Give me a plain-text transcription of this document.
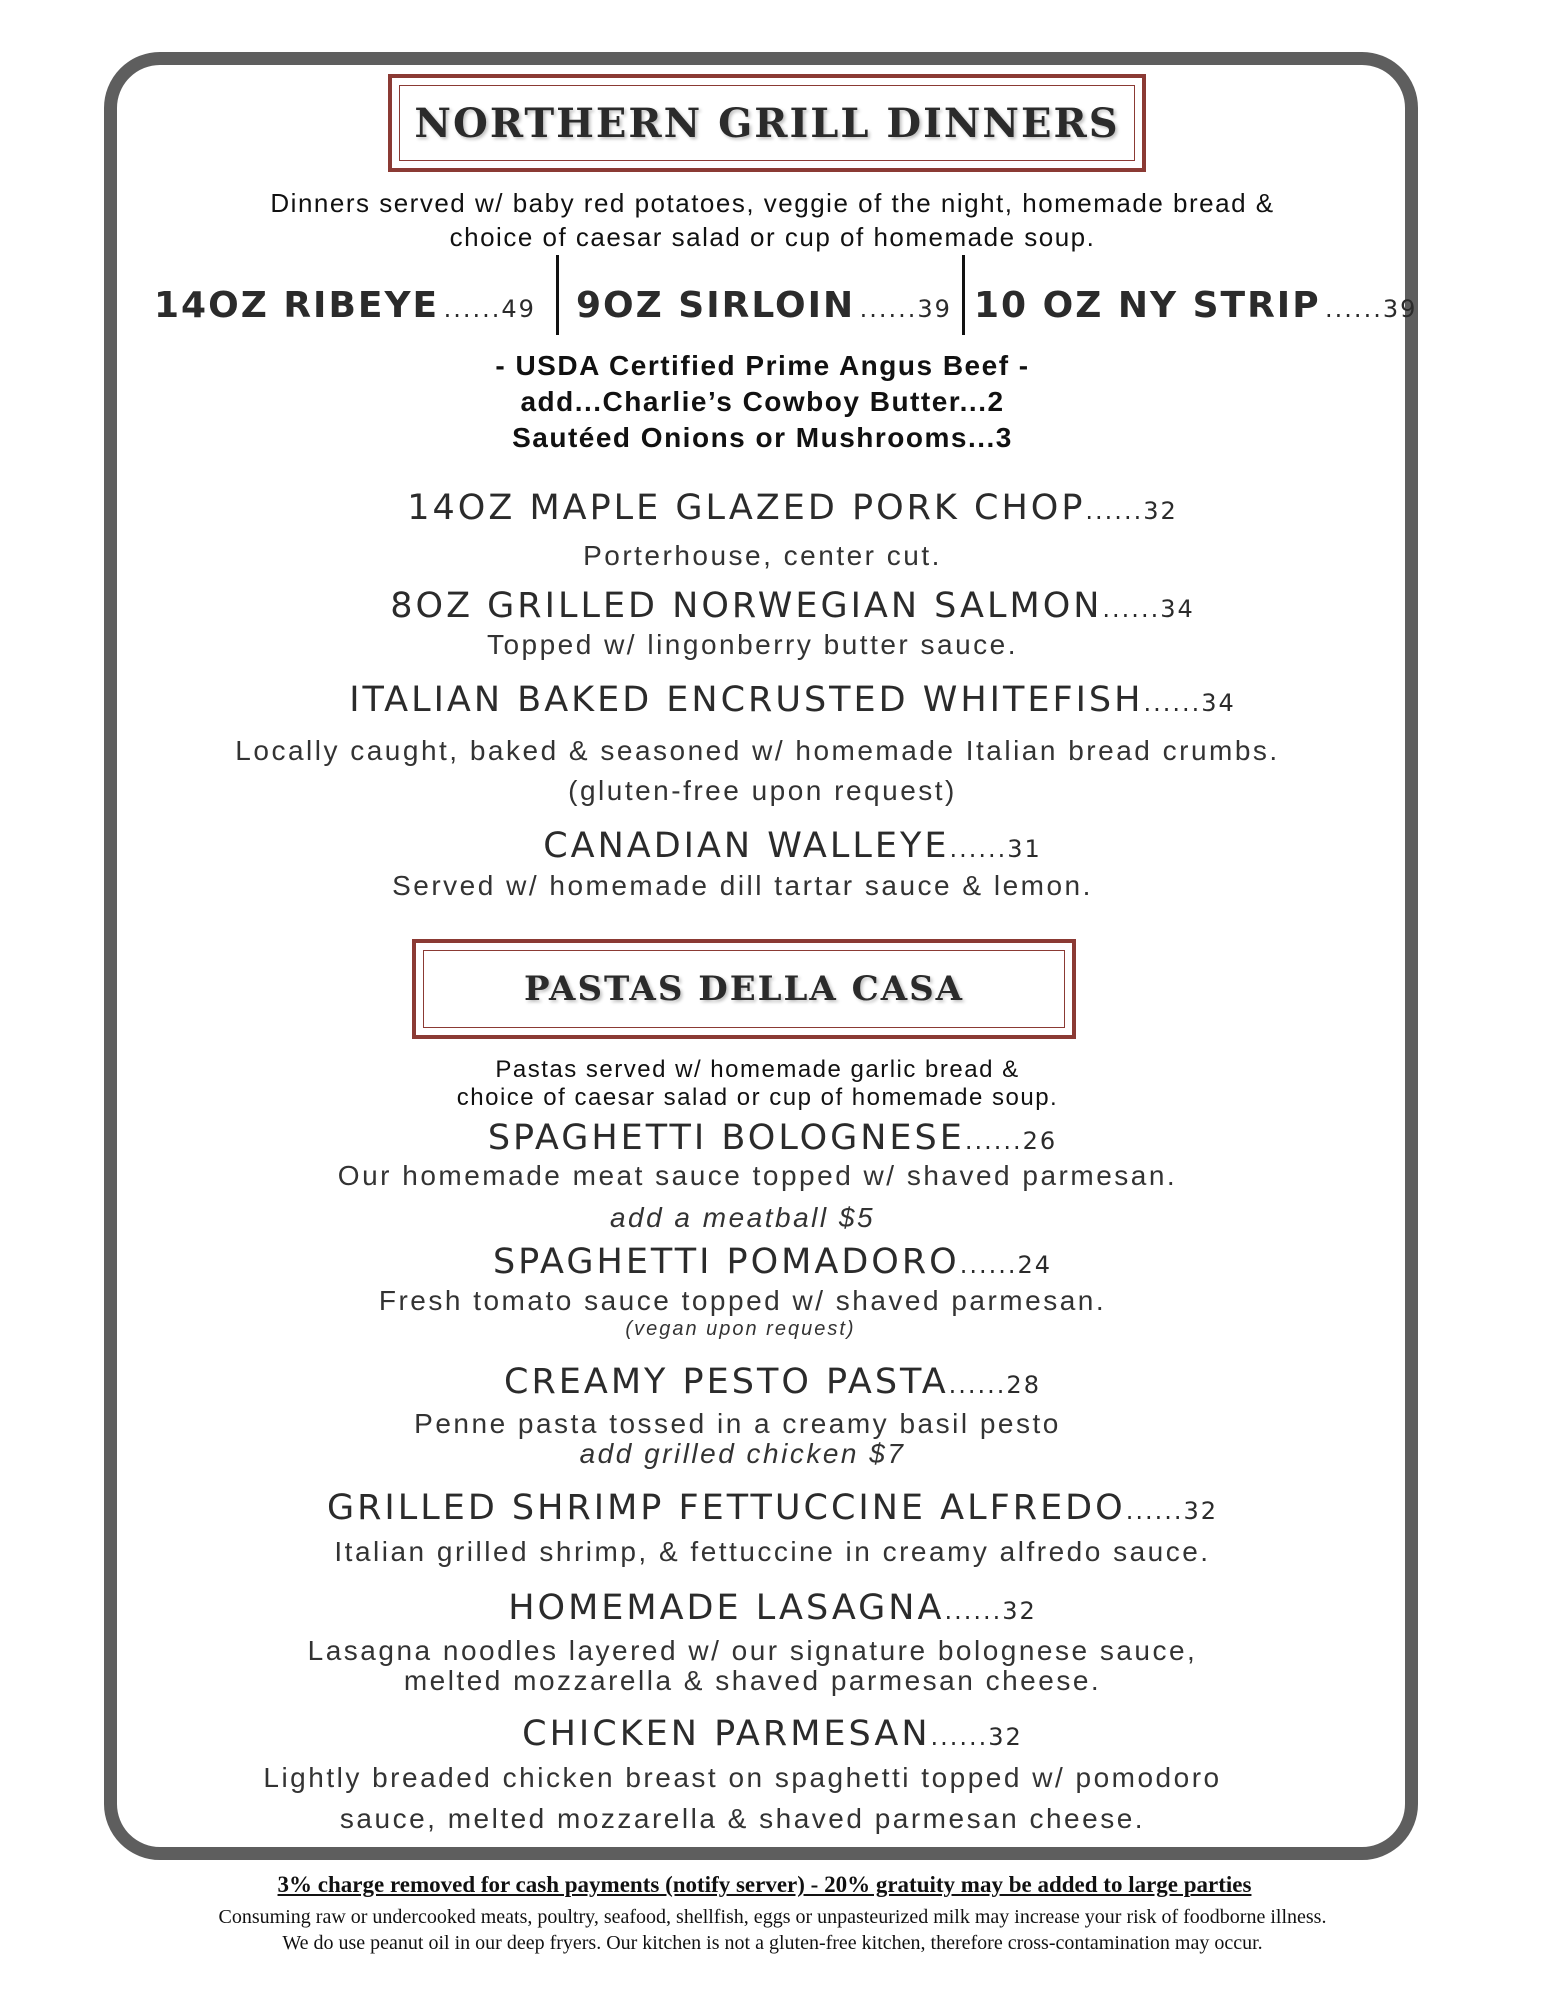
NORTHERN GRILL DINNERS
Dinners served w/ baby red potatoes, veggie of the night, homemade bread &
choice of caesar salad or cup of homemade soup.
14OZ RIBEYE ......49 9OZ SIRLOIN ......39 10 OZ NY STRIP ......39
- USDA Certified Prime Angus Beef -
add...Charlie’s Cowboy Butter...2
Sautéed Onions or Mushrooms...3
14OZ MAPLE GLAZED PORK CHOP......32
Porterhouse, center cut.
8OZ GRILLED NORWEGIAN SALMON......34
Topped w/ lingonberry butter sauce.
ITALIAN BAKED ENCRUSTED WHITEFISH......34
Locally caught, baked & seasoned w/ homemade Italian bread crumbs.
(gluten-free upon request)
CANADIAN WALLEYE......31
Served w/ homemade dill tartar sauce & lemon.
PASTAS DELLA CASA
Pastas served w/ homemade garlic bread &
choice of caesar salad or cup of homemade soup.
SPAGHETTI BOLOGNESE......26
Our homemade meat sauce topped w/ shaved parmesan.
add a meatball $5
SPAGHETTI POMADORO......24
Fresh tomato sauce topped w/ shaved parmesan.
(vegan upon request)
CREAMY PESTO PASTA......28
Penne pasta tossed in a creamy basil pesto
add grilled chicken $7
GRILLED SHRIMP FETTUCCINE ALFREDO......32
Italian grilled shrimp, & fettuccine in creamy alfredo sauce.
HOMEMADE LASAGNA......32
Lasagna noodles layered w/ our signature bolognese sauce,
melted mozzarella & shaved parmesan cheese.
CHICKEN PARMESAN......32
Lightly breaded chicken breast on spaghetti topped w/ pomodoro
sauce, melted mozzarella & shaved parmesan cheese.
3% charge removed for cash payments (notify server) - 20% gratuity may be added to large parties
Consuming raw or undercooked meats, poultry, seafood, shellfish, eggs or unpasteurized milk may increase your risk of foodborne illness.
We do use peanut oil in our deep fryers. Our kitchen is not a gluten-free kitchen, therefore cross-contamination may occur.
